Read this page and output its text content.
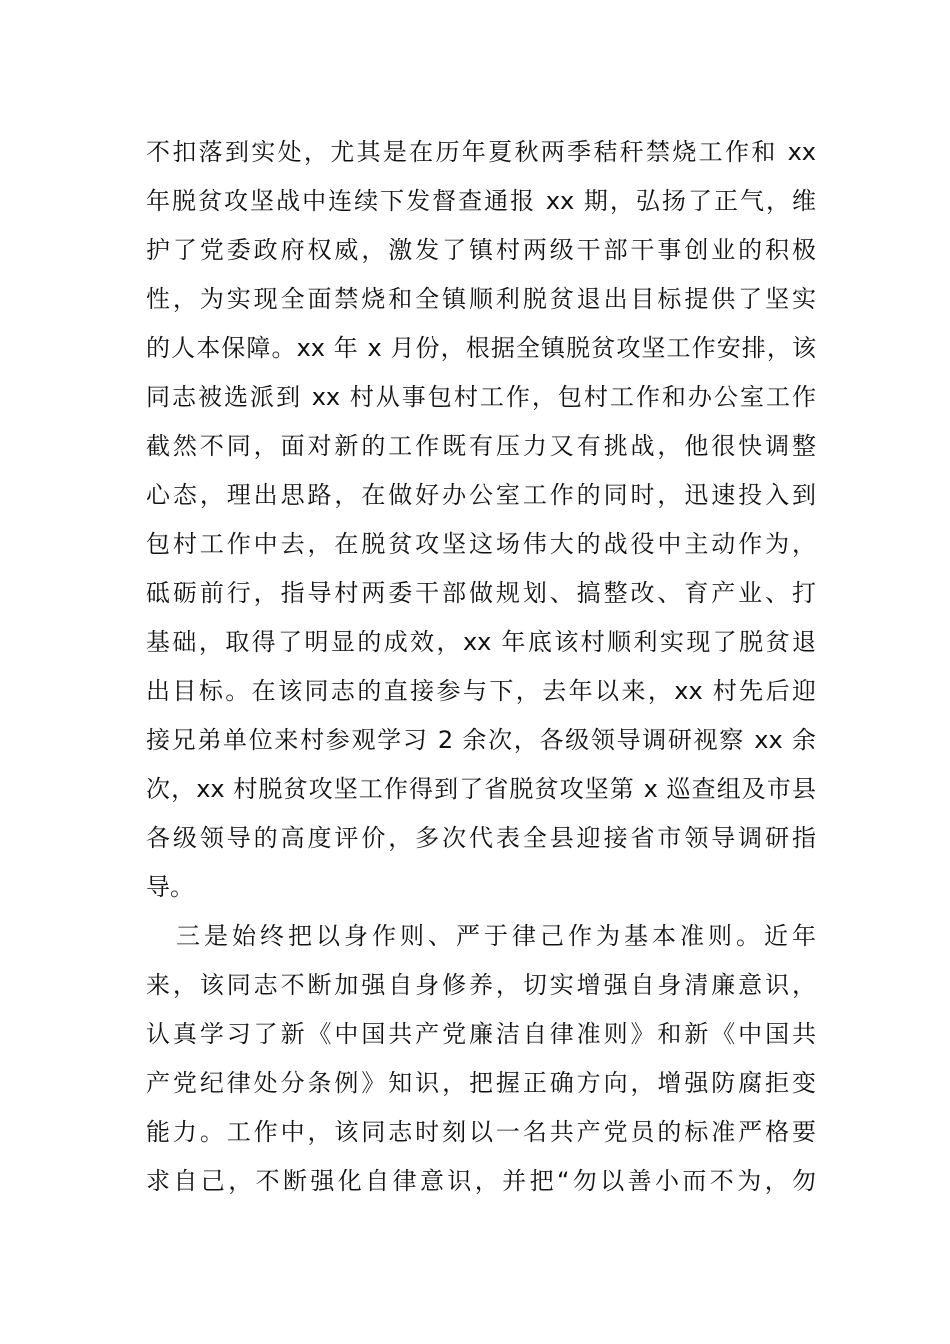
不扣落到实处，尤其是在历年夏秋两季秸秆禁烧工作和 xx
年脱贫攻坚战中连续下发督查通报 xx 期，弘扬了正气，维
护了党委政府权威，激发了镇村两级干部干事创业的积极
性，为实现全面禁烧和全镇顺利脱贫退出目标提供了坚实
的人本保障。xx 年 x 月份，根据全镇脱贫攻坚工作安排，该
同志被选派到 xx 村从事包村工作，包村工作和办公室工作
截然不同，面对新的工作既有压力又有挑战，他很快调整
心态，理出思路，在做好办公室工作的同时，迅速投入到
包村工作中去，在脱贫攻坚这场伟大的战役中主动作为，
砥砺前行，指导村两委干部做规划、搞整改、育产业、打
基础，取得了明显的成效，xx 年底该村顺利实现了脱贫退
出目标。在该同志的直接参与下，去年以来，xx 村先后迎
接兄弟单位来村参观学习 2 余次，各级领导调研视察 xx 余
次，xx 村脱贫攻坚工作得到了省脱贫攻坚第 x 巡查组及市县
各级领导的高度评价，多次代表全县迎接省市领导调研指
导。
三是始终把以身作则、严于律己作为基本准则。近年
来，该同志不断加强自身修养，切实增强自身清廉意识，
认真学习了新《中国共产党廉洁自律准则》和新《中国共
产党纪律处分条例》知识，把握正确方向，增强防腐拒变
能力。工作中，该同志时刻以一名共产党员的标准严格要
求自己，不断强化自律意识，并把“勿以善小而不为，勿
